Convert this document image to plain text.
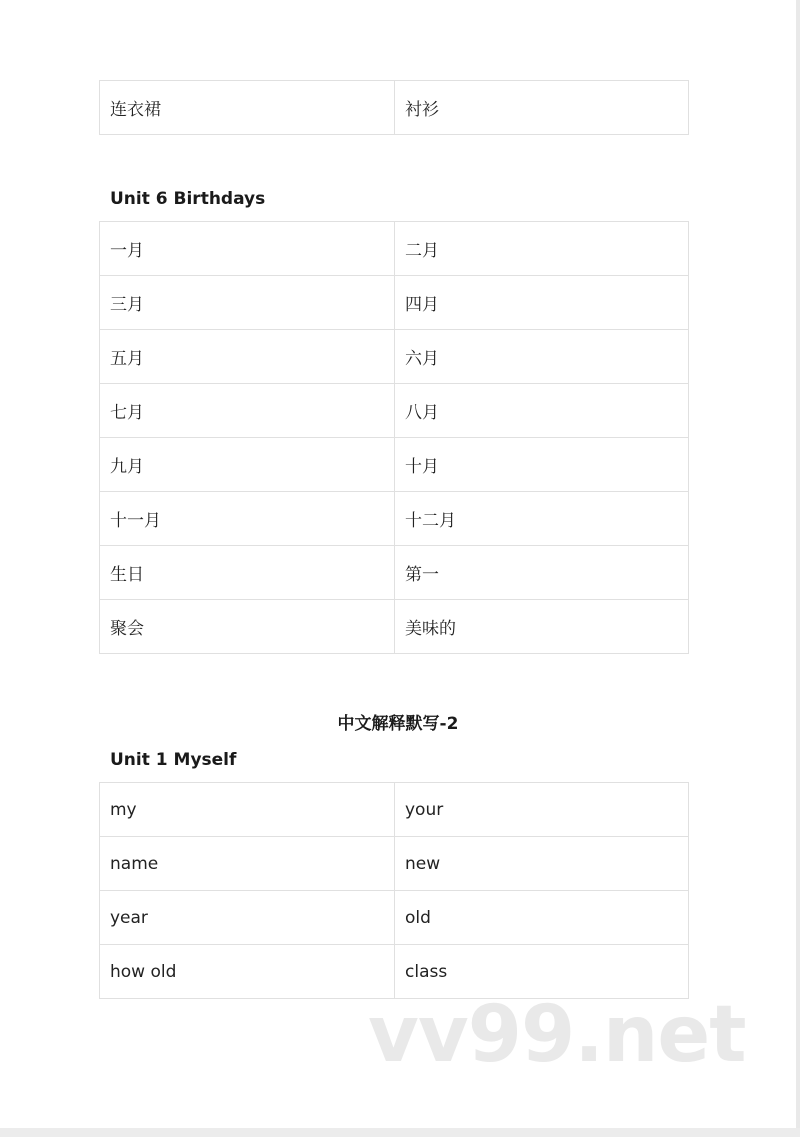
连衣裙	衬衫
Unit 6 Birthdays
一月	二月
三月	四月
五月	六月
七月	八月
九月	十月
十一月	十二月
生日	第一
聚会	美味的
中文解释默写-2
Unit 1 Myself
my	your
name	new
year	old
how old	class
vv99.net
